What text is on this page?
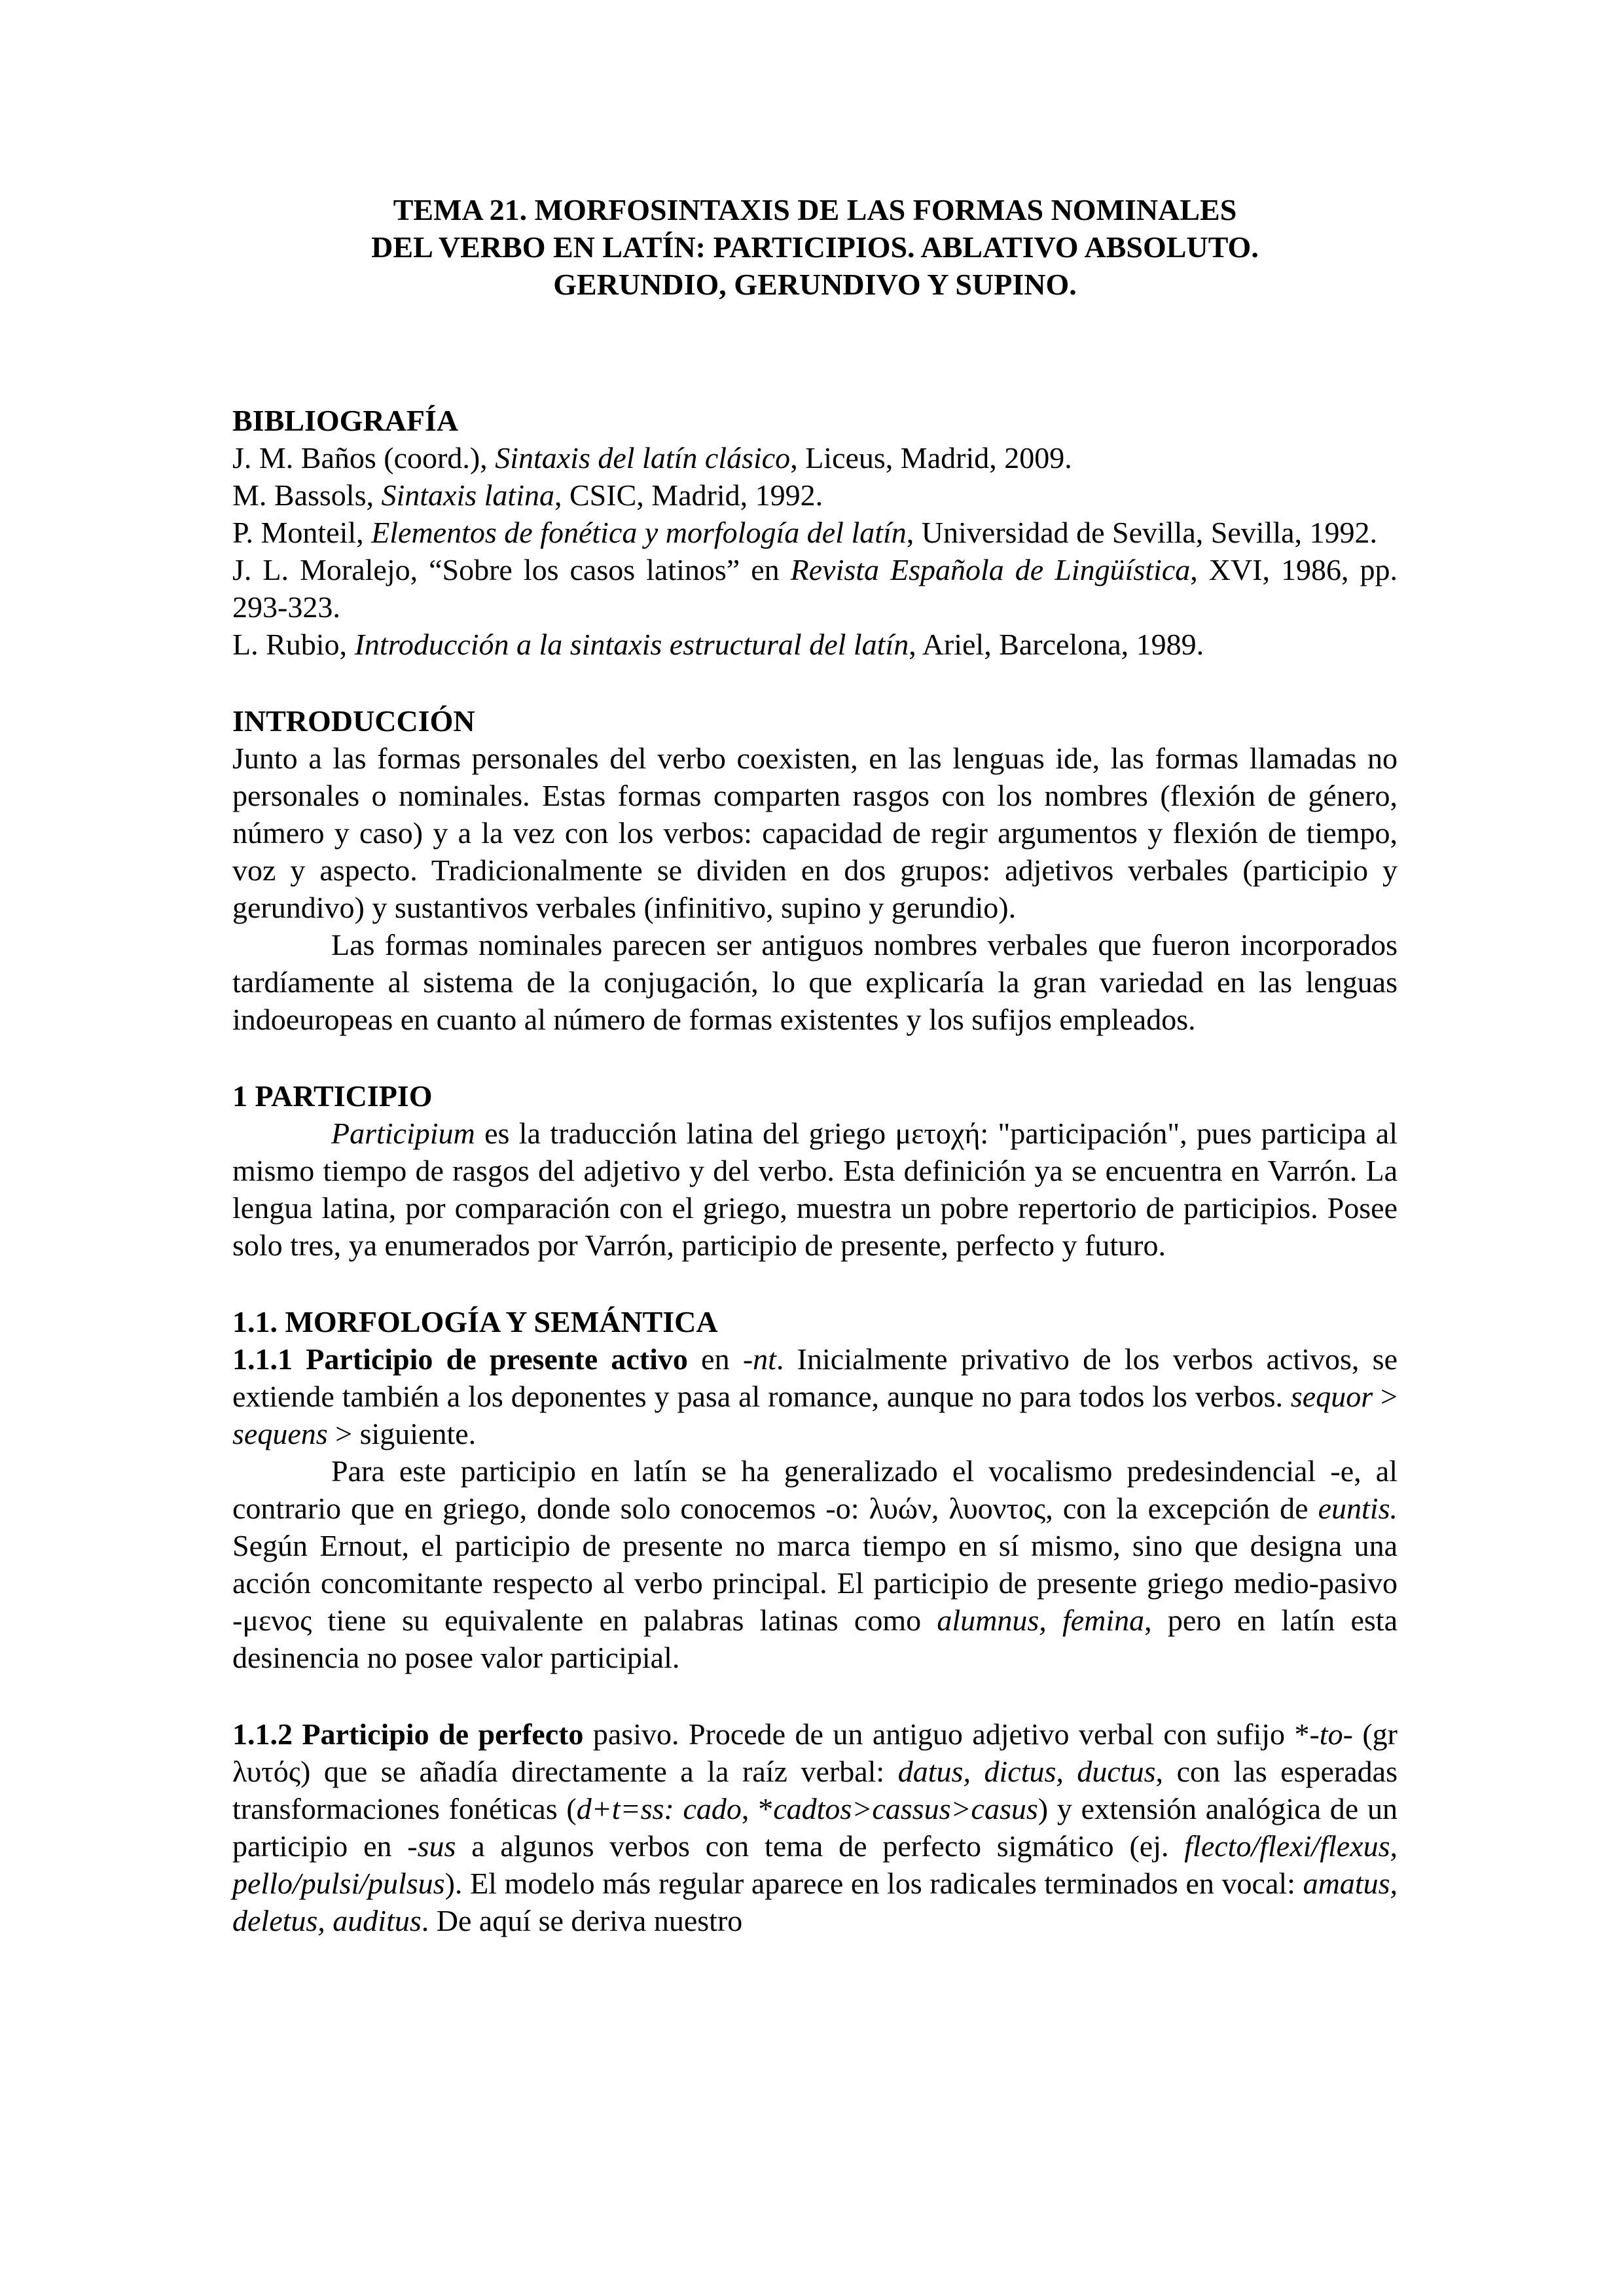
TEMA 21. MORFOSINTAXIS DE LAS FORMAS NOMINALES
DEL VERBO EN LATÍN: PARTICIPIOS. ABLATIVO ABSOLUTO.
GERUNDIO, GERUNDIVO Y SUPINO.
BIBLIOGRAFÍA

J. M. Baños (coord.), Sintaxis del latín clásico, Liceus, Madrid, 2009.

M. Bassols, Sintaxis latina, CSIC, Madrid, 1992.

P. Monteil, Elementos de fonética y morfología del latín, Universidad de Sevilla, Sevilla, 1992.

J. L. Moralejo, “Sobre los casos latinos” en Revista Española de Lingüística, XVI, 1986, pp. 293-323.

L. Rubio, Introducción a la sintaxis estructural del latín, Ariel, Barcelona, 1989.

INTRODUCCIÓN

Junto a las formas personales del verbo coexisten, en las lenguas ide, las formas llamadas no personales o nominales. Estas formas comparten rasgos con los nombres (flexión de género, número y caso) y a la vez con los verbos: capacidad de regir argumentos y flexión de tiempo, voz y aspecto. Tradicionalmente se dividen en dos grupos: adjetivos verbales (participio y gerundivo) y sustantivos verbales (infinitivo, supino y gerundio).

Las formas nominales parecen ser antiguos nombres verbales que fueron incorporados tardíamente al sistema de la conjugación, lo que explicaría la gran variedad en las lenguas indoeuropeas en cuanto al número de formas existentes y los sufijos empleados.

1 PARTICIPIO

Participium es la traducción latina del griego μετοχή: "participación", pues participa al mismo tiempo de rasgos del adjetivo y del verbo. Esta definición ya se encuentra en Varrón. La lengua latina, por comparación con el griego, muestra un pobre repertorio de participios. Posee solo tres, ya enumerados por Varrón, participio de presente, perfecto y futuro.

1.1. MORFOLOGÍA Y SEMÁNTICA

1.1.1 Participio de presente activo en -nt. Inicialmente privativo de los verbos activos, se extiende también a los deponentes y pasa al romance, aunque no para todos los verbos. sequor > sequens > siguiente.

Para este participio en latín se ha generalizado el vocalismo predesindencial -e, al contrario que en griego, donde solo conocemos -o: λυών, λυοντος, con la excepción de euntis. Según Ernout, el participio de presente no marca tiempo en sí mismo, sino que designa una acción concomitante respecto al verbo principal. El participio de presente griego medio-pasivo -μενος tiene su equivalente en palabras latinas como alumnus, femina, pero en latín esta desinencia no posee valor participial.

1.1.2 Participio de perfecto pasivo. Procede de un antiguo adjetivo verbal con sufijo *-to- (gr λυτός) que se añadía directamente a la raíz verbal: datus, dictus, ductus, con las esperadas transformaciones fonéticas (d+t=ss: cado, *cadtos>cassus>casus) y extensión analógica de un participio en -sus a algunos verbos con tema de perfecto sigmático (ej. flecto/flexi/flexus, pello/pulsi/pulsus). El modelo más regular aparece en los radicales terminados en vocal: amatus, deletus, auditus. De aquí se deriva nuestro
